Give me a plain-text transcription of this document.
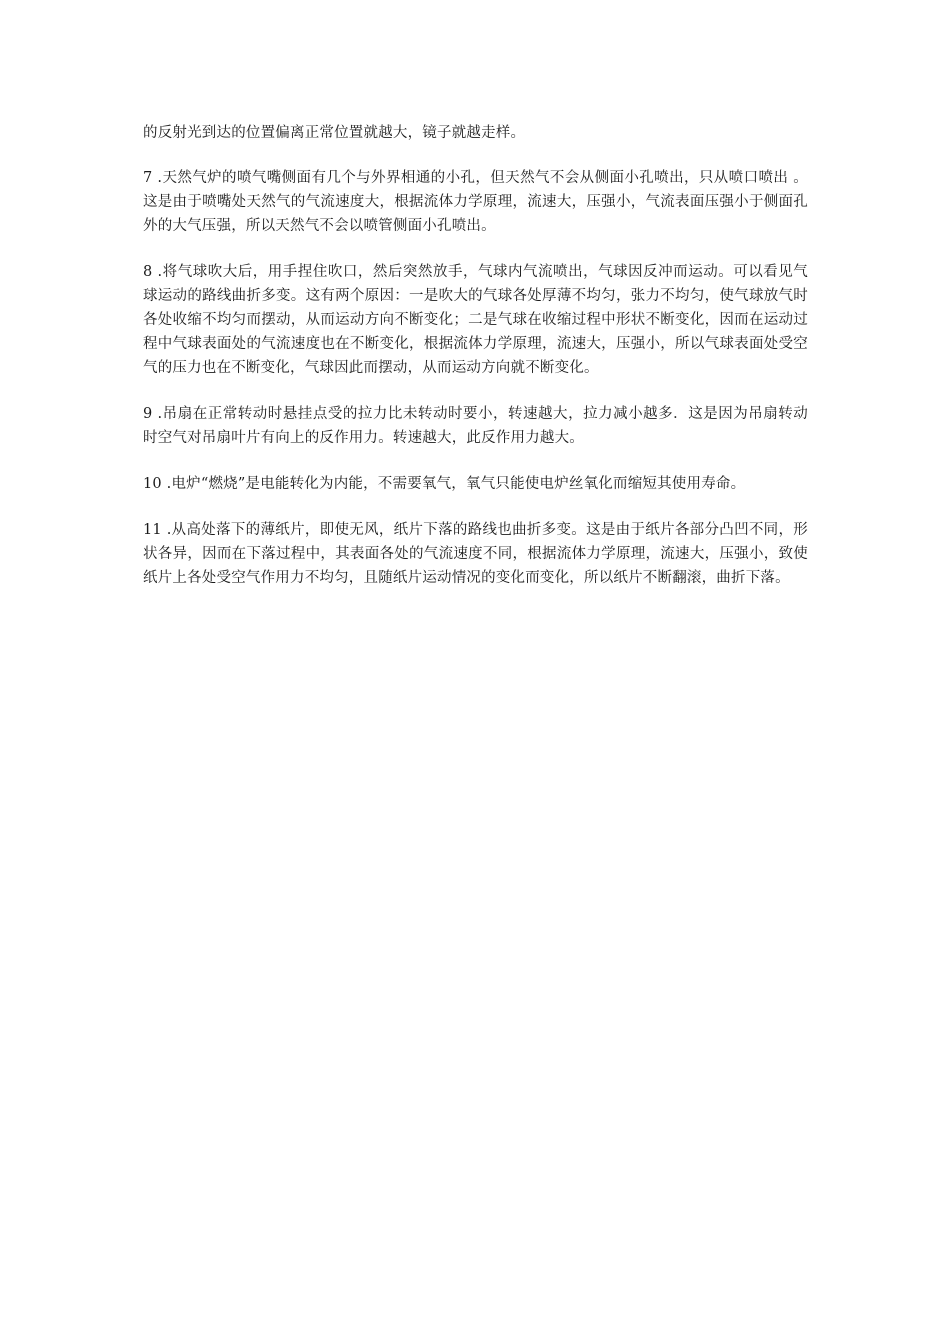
的反射光到达的位置偏离正常位置就越大，镜子就越走样。

7 .天然气炉的喷气嘴侧面有几个与外界相通的小孔，但天然气不会从侧面小孔喷出，只从喷口喷出 。这是由于喷嘴处天然气的气流速度大，根据流体力学原理，流速大，压强小，气流表面压强小于侧面孔外的大气压强，所以天然气不会以喷管侧面小孔喷出。

8 .将气球吹大后，用手捏住吹口，然后突然放手，气球内气流喷出，气球因反冲而运动。可以看见气球运动的路线曲折多变。这有两个原因：一是吹大的气球各处厚薄不均匀，张力不均匀，使气球放气时各处收缩不均匀而摆动，从而运动方向不断变化；二是气球在收缩过程中形状不断变化，因而在运动过程中气球表面处的气流速度也在不断变化，根据流体力学原理，流速大，压强小，所以气球表面处受空气的压力也在不断变化，气球因此而摆动，从而运动方向就不断变化。

9 .吊扇在正常转动时悬挂点受的拉力比未转动时要小，转速越大，拉力减小越多．这是因为吊扇转动时空气对吊扇叶片有向上的反作用力。转速越大，此反作用力越大。

10 .电炉“燃烧”是电能转化为内能，不需要氧气，氧气只能使电炉丝氧化而缩短其使用寿命。

11 .从高处落下的薄纸片，即使无风，纸片下落的路线也曲折多变。这是由于纸片各部分凸凹不同，形状各异，因而在下落过程中，其表面各处的气流速度不同，根据流体力学原理，流速大，压强小，致使纸片上各处受空气作用力不均匀，且随纸片运动情况的变化而变化，所以纸片不断翻滚，曲折下落。
